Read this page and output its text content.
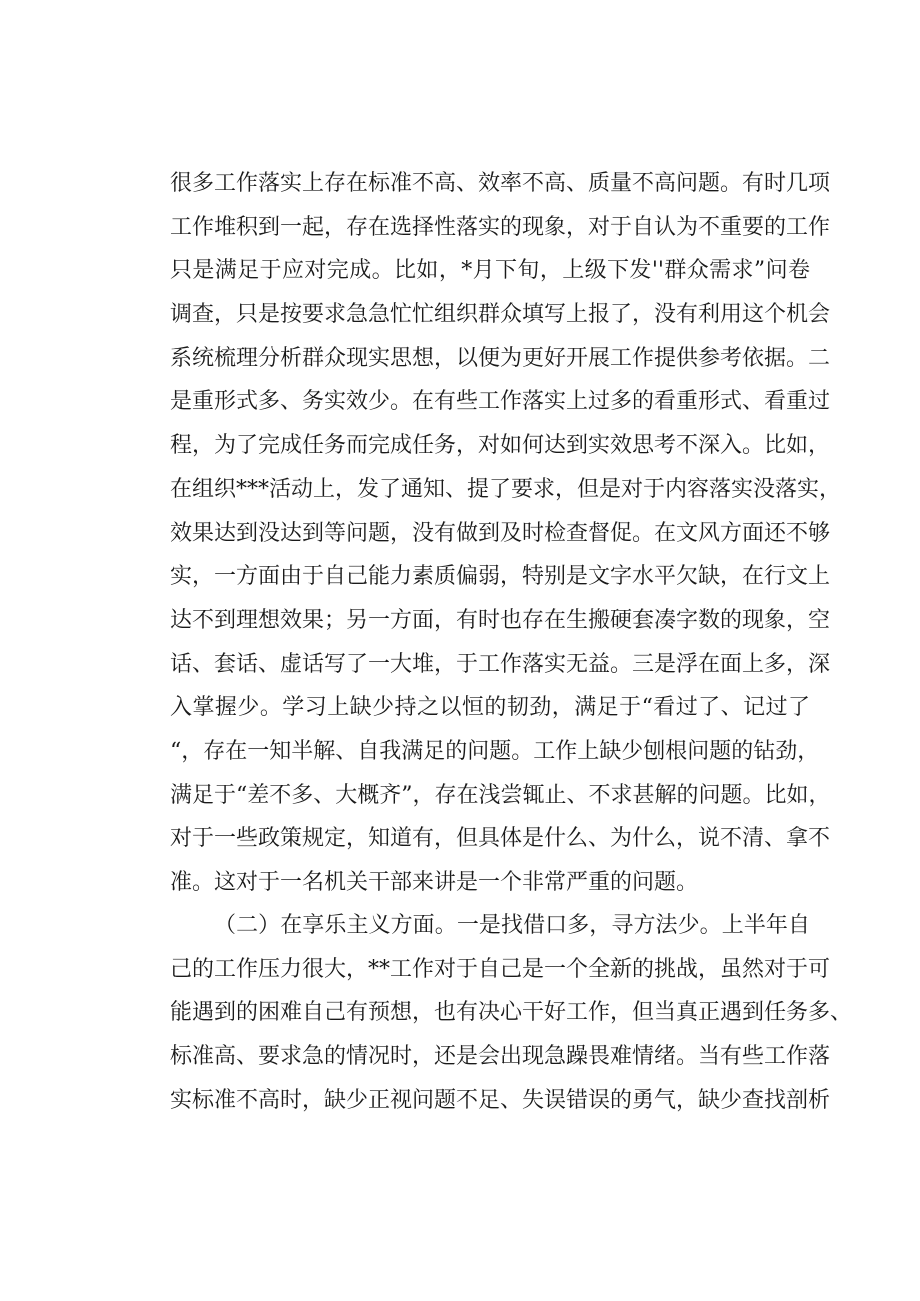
很多工作落实上存在标准不高、效率不高、质量不高问题。有时几项
工作堆积到一起，存在选择性落实的现象，对于自认为不重要的工作
只是满足于应对完成。比如，*月下旬，上级下发''群众需求”问卷
调查，只是按要求急急忙忙组织群众填写上报了，没有利用这个机会
系统梳理分析群众现实思想，以便为更好开展工作提供参考依据。二
是重形式多、务实效少。在有些工作落实上过多的看重形式、看重过
程，为了完成任务而完成任务，对如何达到实效思考不深入。比如，
在组织***活动上，发了通知、提了要求，但是对于内容落实没落实，
效果达到没达到等问题，没有做到及时检查督促。在文风方面还不够
实，一方面由于自己能力素质偏弱，特别是文字水平欠缺，在行文上
达不到理想效果；另一方面，有时也存在生搬硬套凑字数的现象，空
话、套话、虚话写了一大堆，于工作落实无益。三是浮在面上多，深
入掌握少。学习上缺少持之以恒的韧劲，满足于“看过了、记过了
“，存在一知半解、自我满足的问题。工作上缺少刨根问题的钻劲，
满足于“差不多、大概齐”，存在浅尝辄止、不求甚解的问题。比如，
对于一些政策规定，知道有，但具体是什么、为什么，说不清、拿不
准。这对于一名机关干部来讲是一个非常严重的问题。
（二）在享乐主义方面。一是找借口多，寻方法少。上半年自
己的工作压力很大，**工作对于自己是一个全新的挑战，虽然对于可
能遇到的困难自己有预想，也有决心干好工作，但当真正遇到任务多、
标准高、要求急的情况时，还是会出现急躁畏难情绪。当有些工作落
实标准不高时，缺少正视问题不足、失误错误的勇气，缺少查找剖析
